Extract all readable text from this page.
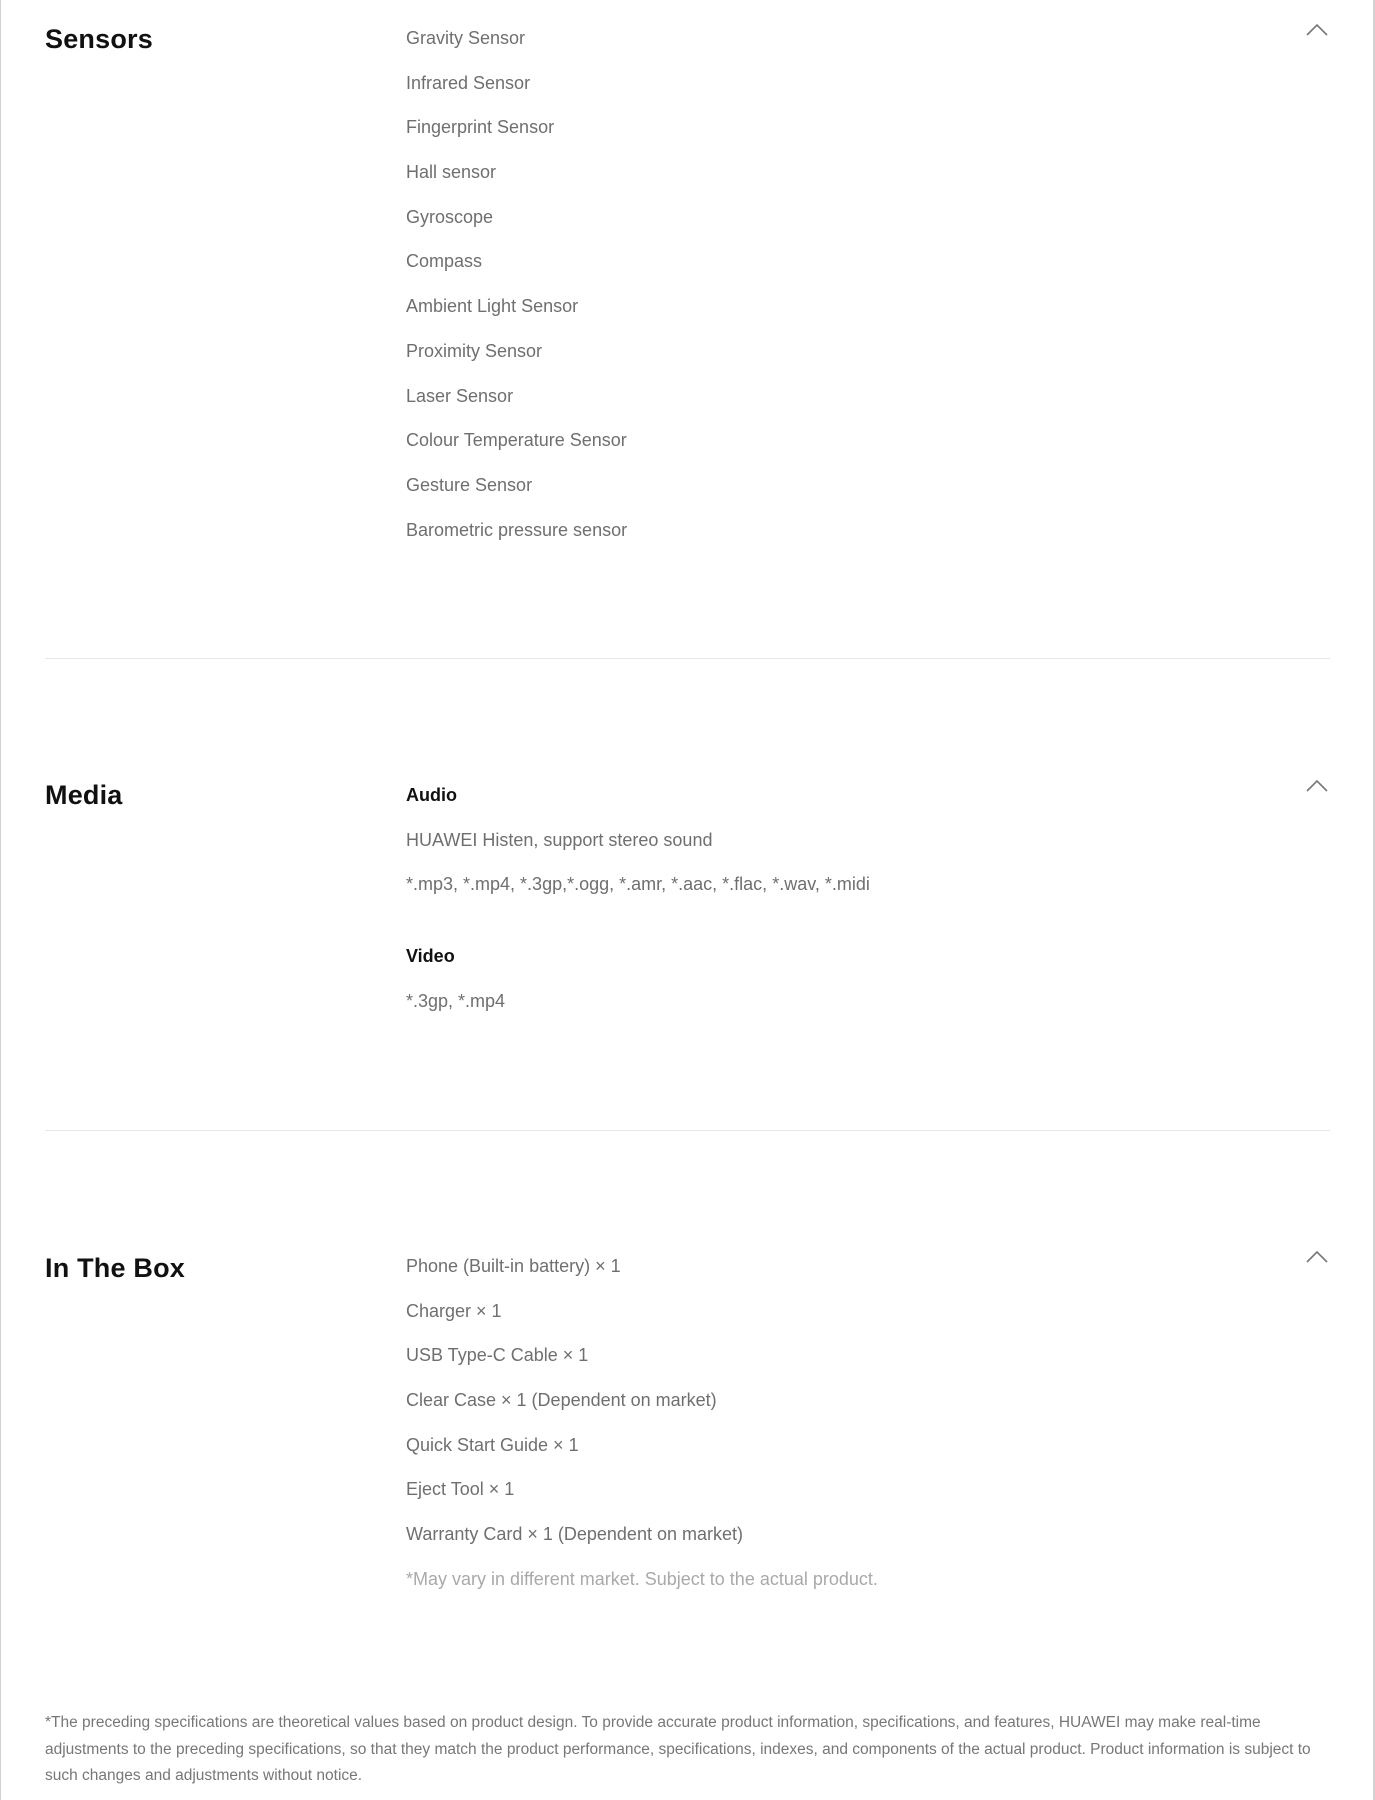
Sensors	Gravity Sensor
Infrared Sensor
Fingerprint Sensor
Hall sensor
Gyroscope
Compass
Ambient Light Sensor
Proximity Sensor
Laser Sensor
Colour Temperature Sensor
Gesture Sensor
Barometric pressure sensor
Media	Audio
HUAWEI Histen, support stereo sound
*.mp3, *.mp4, *.3gp,*.ogg, *.amr, *.aac, *.flac, *.wav, *.midi
Video
*.3gp, *.mp4
In The Box	Phone (Built-in battery) × 1
Charger × 1
USB Type-C Cable × 1
Clear Case × 1 (Dependent on market)
Quick Start Guide × 1
Eject Tool × 1
Warranty Card × 1 (Dependent on market)
*May vary in different market. Subject to the actual product.

*The preceding specifications are theoretical values based on product design. To provide accurate product information, specifications, and features, HUAWEI may make real-time adjustments to the preceding specifications, so that they match the product performance, specifications, indexes, and components of the actual product. Product information is subject to such changes and adjustments without notice.
